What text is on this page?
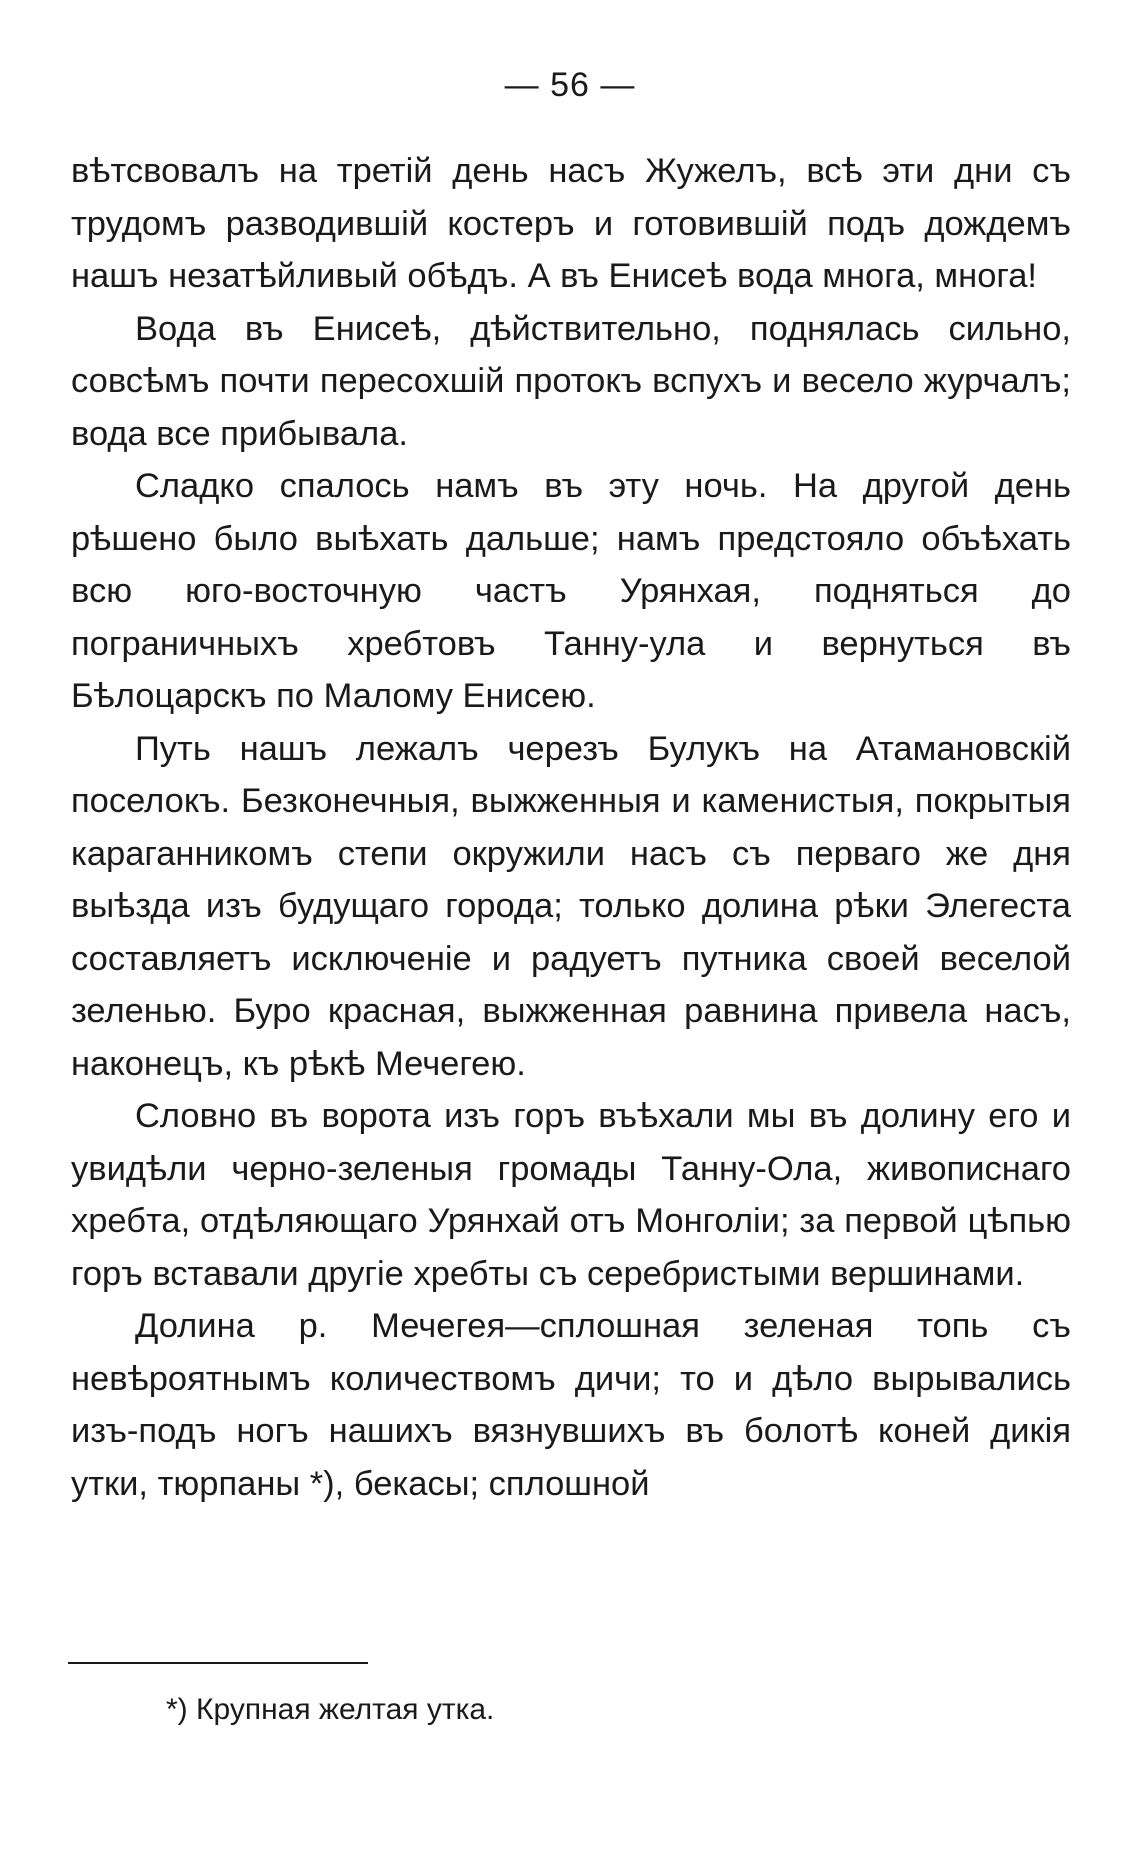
— 56 —

вѣтсвовалъ на третій день насъ Жужелъ, всѣ эти дни съ трудомъ разводившій костеръ и готовившій подъ дождемъ нашъ незатѣйливый обѣдъ. А въ Енисеѣ вода многа, многа!

Вода въ Енисеѣ, дѣйствительно, поднялась сильно, совсѣмъ почти пересохшій протокъ вспухъ и весело журчалъ; вода все прибывала.

Сладко спалось намъ въ эту ночь. На другой день рѣшено было выѣхать дальше; намъ предстояло объѣхать всю юго-восточную частъ Урянхая, подняться до пограничныхъ хребтовъ Танну-ула и вернуться въ Бѣлоцарскъ по Малому Енисею.

Путь нашъ лежалъ черезъ Булукъ на Атамановскій поселокъ. Безконечныя, выжженныя и каменистыя, покрытыя караганникомъ степи окружили насъ съ перваго же дня выѣзда изъ будущаго города; только долина рѣки Элегеста составляетъ исключеніе и радуетъ путника своей веселой зеленью. Буро красная, выжженная равнина привела насъ, наконецъ, къ рѣкѣ Мечегею.

Словно въ ворота изъ горъ въѣхали мы въ долину его и увидѣли черно-зеленыя громады Танну-Ола, живописнаго хребта, отдѣляющаго Урянхай отъ Монголіи; за первой цѣпью горъ вставали другіе хребты съ серебристыми вершинами.

Долина р. Мечегея—сплошная зеленая топь съ невѣроятнымъ количествомъ дичи; то и дѣло вырывались изъ-подъ ногъ нашихъ вязнувшихъ въ болотѣ коней дикія утки, тюрпаны *), бекасы; сплошной

*) Крупная желтая утка.
